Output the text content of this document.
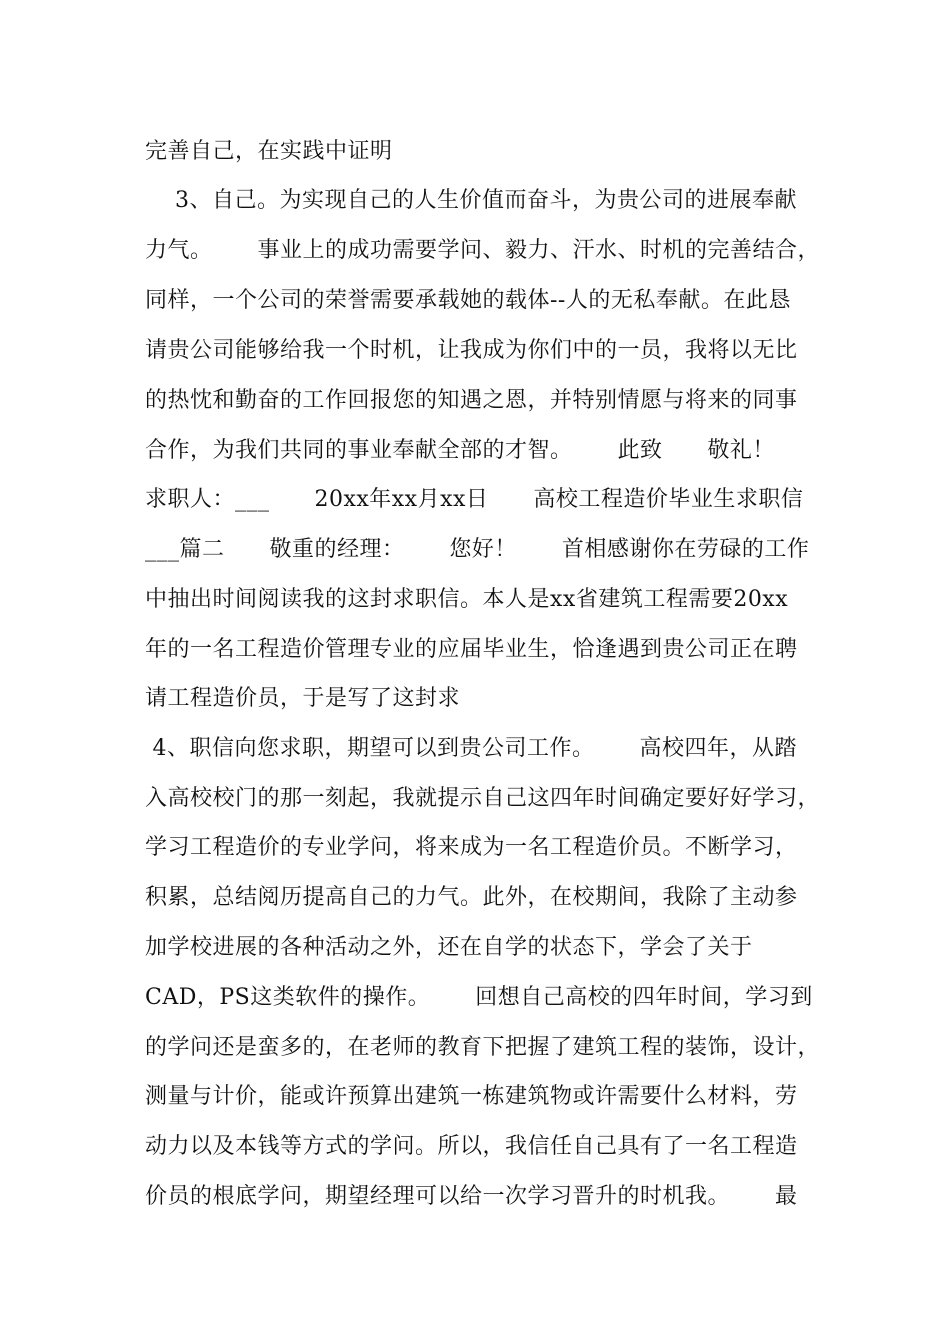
完善自己，在实践中证明
3、自己。为实现自己的人生价值而奋斗，为贵公司的进展奉献
力气。      事业上的成功需要学问、毅力、汗水、时机的完善结合，
同样，一个公司的荣誉需要承载她的载体--人的无私奉献。在此恳
请贵公司能够给我一个时机，让我成为你们中的一员，我将以无比
的热忱和勤奋的工作回报您的知遇之恩，并特别情愿与将来的同事
合作，为我们共同的事业奉献全部的才智。      此致      敬礼！
求职人：___      20xx年xx月xx日      高校工程造价毕业生求职信
___篇二      敬重的经理：      您好！      首相感谢你在劳碌的工作
中抽出时间阅读我的这封求职信。本人是xx省建筑工程需要20xx
年的一名工程造价管理专业的应届毕业生，恰逢遇到贵公司正在聘
请工程造价员，于是写了这封求
4、职信向您求职，期望可以到贵公司工作。      高校四年，从踏
入高校校门的那一刻起，我就提示自己这四年时间确定要好好学习，
学习工程造价的专业学问，将来成为一名工程造价员。不断学习，
积累，总结阅历提高自己的力气。此外，在校期间，我除了主动参
加学校进展的各种活动之外，还在自学的状态下，学会了关于
CAD，PS这类软件的操作。      回想自己高校的四年时间，学习到
的学问还是蛮多的，在老师的教育下把握了建筑工程的装饰，设计，
测量与计价，能或许预算出建筑一栋建筑物或许需要什么材料，劳
动力以及本钱等方式的学问。所以，我信任自己具有了一名工程造
价员的根底学问，期望经理可以给一次学习晋升的时机我。      最
